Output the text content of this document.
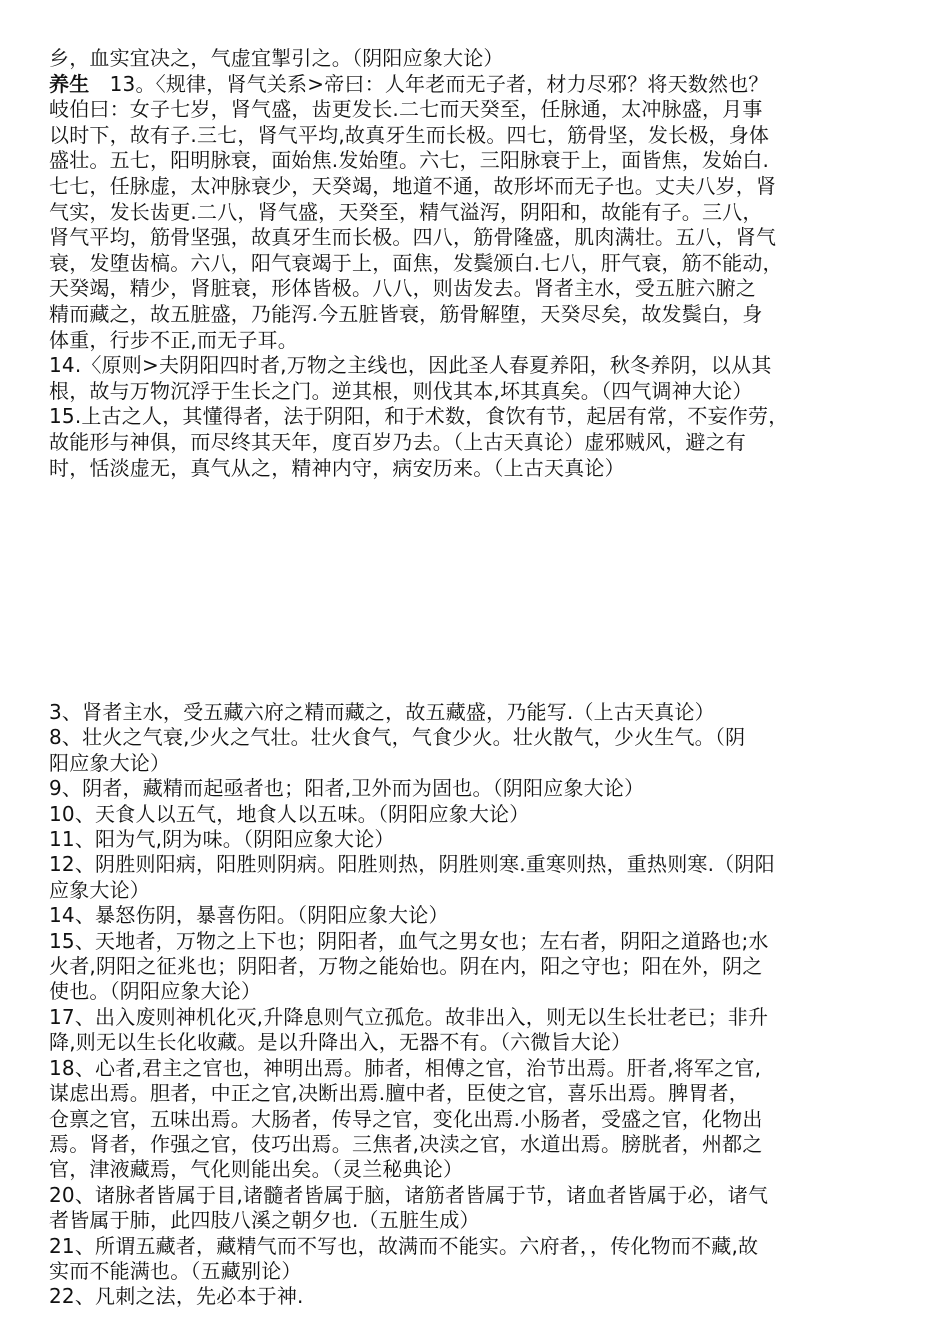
乡，血实宜决之，气虚宜掣引之。（阴阳应象大论）
养生　13。〈规律，肾气关系>帝曰：人年老而无子者，材力尽邪？将天数然也？
岐伯曰：女子七岁，肾气盛，齿更发长.二七而天癸至，任脉通，太冲脉盛，月事
以时下，故有子.三七，肾气平均,故真牙生而长极。四七，筋骨坚，发长极，身体
盛壮。五七，阳明脉衰，面始焦.发始堕。六七，三阳脉衰于上，面皆焦，发始白.
七七，任脉虚，太冲脉衰少，天癸竭，地道不通，故形坏而无子也。丈夫八岁，肾
气实，发长齿更.二八，肾气盛，天癸至，精气溢泻，阴阳和，故能有子。三八，
肾气平均，筋骨坚强，故真牙生而长极。四八，筋骨隆盛，肌肉满壮。五八，肾气
衰，发堕齿槁。六八，阳气衰竭于上，面焦，发鬓颁白.七八，肝气衰，筋不能动，
天癸竭，精少，肾脏衰，形体皆极。八八，则齿发去。肾者主水，受五脏六腑之
精而藏之，故五脏盛，乃能泻.今五脏皆衰，筋骨解堕，天癸尽矣，故发鬓白，身
体重，行步不正,而无子耳。
14.〈原则>夫阴阳四时者,万物之主线也，因此圣人春夏养阳，秋冬养阴，以从其
根，故与万物沉浮于生长之门。逆其根，则伐其本,坏其真矣。（四气调神大论）
15.上古之人，其懂得者，法于阴阳，和于术数，食饮有节，起居有常，不妄作劳，
故能形与神俱，而尽终其天年，度百岁乃去。（上古天真论）虚邪贼风，避之有
时，恬淡虚无，真气从之，精神内守，病安历来。（上古天真论）
3、肾者主水，受五藏六府之精而藏之，故五藏盛，乃能写.（上古天真论）
8、壮火之气衰,少火之气壮。壮火食气，气食少火。壮火散气，少火生气。（阴
阳应象大论）
9、阴者，藏精而起亟者也；阳者,卫外而为固也。（阴阳应象大论）
10、天食人以五气，地食人以五味。（阴阳应象大论）
11、阳为气,阴为味。（阴阳应象大论）
12、阴胜则阳病，阳胜则阴病。阳胜则热，阴胜则寒.重寒则热，重热则寒.（阴阳
应象大论）
14、暴怒伤阴，暴喜伤阳。（阴阳应象大论）
15、天地者，万物之上下也；阴阳者，血气之男女也；左右者，阴阳之道路也;水
火者,阴阳之征兆也；阴阳者，万物之能始也。阴在内，阳之守也；阳在外，阴之
使也。（阴阳应象大论）
17、出入废则神机化灭,升降息则气立孤危。故非出入，则无以生长壮老已；非升
降,则无以生长化收藏。是以升降出入，无器不有。（六微旨大论）
18、心者,君主之官也，神明出焉。肺者，相傅之官，治节出焉。肝者,将军之官,
谋虑出焉。胆者，中正之官,决断出焉.膻中者，臣使之官，喜乐出焉。脾胃者，
仓禀之官，五味出焉。大肠者，传导之官，变化出焉.小肠者，受盛之官，化物出
焉。肾者，作强之官，伎巧出焉。三焦者,决渎之官，水道出焉。膀胱者，州都之
官，津液藏焉，气化则能出矣。（灵兰秘典论）
20、诸脉者皆属于目,诸髓者皆属于脑，诸筋者皆属于节，诸血者皆属于必，诸气
者皆属于肺，此四肢八溪之朝夕也.（五脏生成）
21、所谓五藏者，藏精气而不写也，故满而不能实。六府者，，传化物而不藏,故
实而不能满也。（五藏别论）
22、凡刺之法，先必本于神.
